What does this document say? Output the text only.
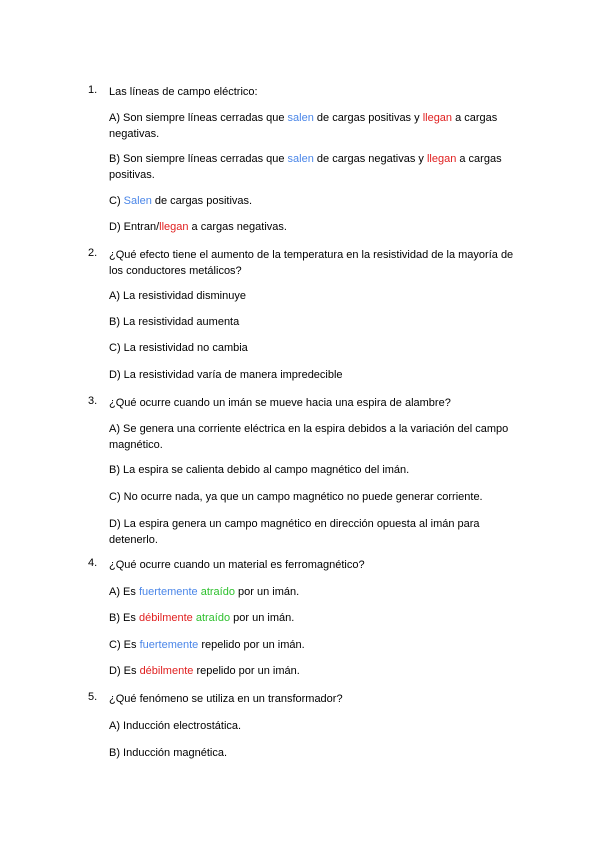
1.	Las líneas de campo eléctrico:
A) Son siempre líneas cerradas que salen de cargas positivas y llegan a cargas negativas.
B) Son siempre líneas cerradas que salen de cargas negativas y llegan a cargas positivas.
C) Salen de cargas positivas.
D) Entran/llegan a cargas negativas.
2.	¿Qué efecto tiene el aumento de la temperatura en la resistividad de la mayoría de los conductores metálicos?
A) La resistividad disminuye
B) La resistividad aumenta
C) La resistividad no cambia
D) La resistividad varía de manera impredecible
3.	¿Qué ocurre cuando un imán se mueve hacia una espira de alambre?
A) Se genera una corriente eléctrica en la espira debidos a la variación del campo magnético.
B) La espira se calienta debido al campo magnético del imán.
C) No ocurre nada, ya que un campo magnético no puede generar corriente.
D) La espira genera un campo magnético en dirección opuesta al imán para detenerlo.
4.	¿Qué ocurre cuando un material es ferromagnético?
A) Es fuertemente atraído por un imán.
B) Es débilmente atraído por un imán.
C) Es fuertemente repelido por un imán.
D) Es débilmente repelido por un imán.
5.	¿Qué fenómeno se utiliza en un transformador?
A) Inducción electrostática.
B) Inducción magnética.
